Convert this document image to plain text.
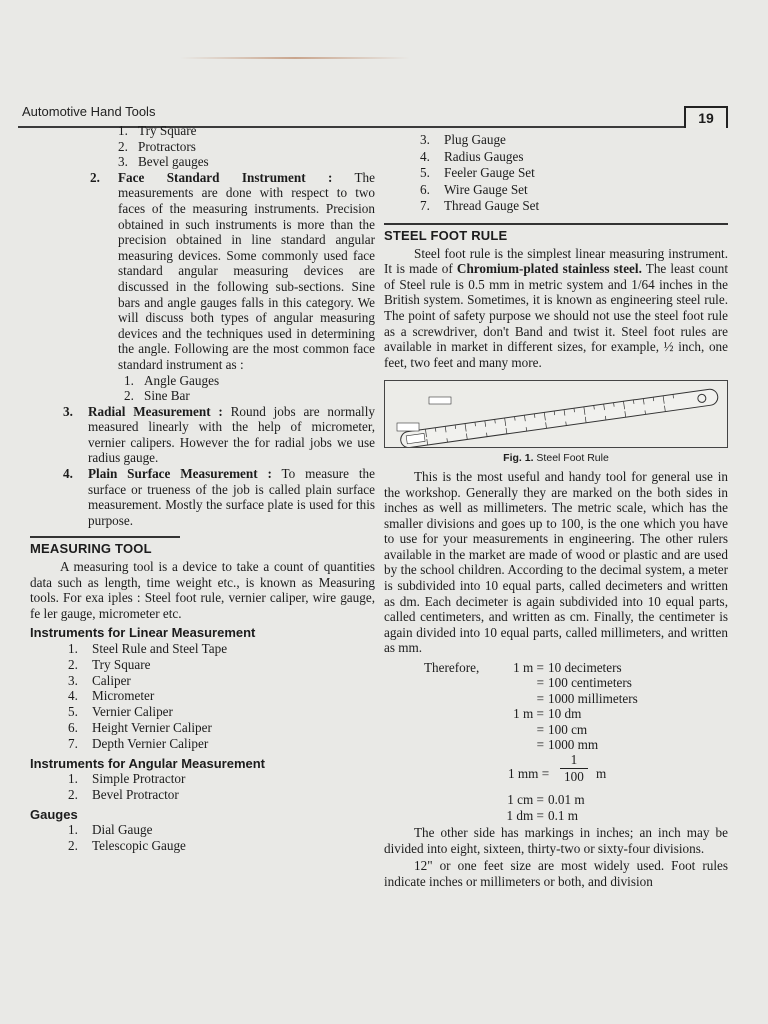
Automotive Hand Tools	19
1. Try Square
2. Protractors
3. Bevel gauges

2. Face Standard Instrument : The measurements are done with respect to two faces of the measuring instruments. Precision obtained in such instruments is more than the precision obtained in line standard angular measuring devices. Some commonly used face standard angular measuring devices are discussed in the following sub-sections. Sine bars and angle gauges falls in this category. We will discuss both types of angular measuring devices and the techniques used in determining the angle. Following are the most common face standard instrument as :

1. Angle Gauges
2. Sine Bar

3. Radial Measurement : Round jobs are normally measured linearly with the help of micrometer, vernier calipers. However the for radial jobs we use radius gauge.

4. Plain Surface Measurement : To measure the surface or trueness of the job is called plain surface measurement. Mostly the surface plate is used for this purpose.

MEASURING TOOL

A measuring tool is a device to take a count of quantities data such as length, time weight etc., is known as Measuring tools. For exa iples : Steel foot rule, vernier caliper, wire gauge, fe ler gauge, micrometer etc.

Instruments for Linear Measurement
1. Steel Rule and Steel Tape
2. Try Square
3. Caliper
4. Micrometer
5. Vernier Caliper
6. Height Vernier Caliper
7. Depth Vernier Caliper
Instruments for Angular Measurement
1. Simple Protractor
2. Bevel Protractor
Gauges
1. Dial Gauge
2. Telescopic Gauge
3. Plug Gauge
4. Radius Gauges
5. Feeler Gauge Set
6. Wire Gauge Set
7. Thread Gauge Set
STEEL FOOT RULE

Steel foot rule is the simplest linear measuring instrument. It is made of Chromium-plated stainless steel. The least count of Steel rule is 0.5 mm in metric system and 1/64 inches in the British system. Sometimes, it is known as engineering steel rule. The point of safety purpose we should not use the steel foot rule as a screwdriver, don't Band and twist it. Steel foot rules are available in market in different sizes, for example, ½ inch, one feet, two feet and many more.

Fig. 1. Steel Foot Rule

This is the most useful and handy tool for general use in the workshop. Generally they are marked on the both sides in inches as well as millimeters. The metric scale, which has the smaller divisions and goes up to 100, is the one which you have to use for your measurements in engineering. The other rulers available in the market are made of wood or plastic and are used by the school children. According to the decimal system, a meter is subdivided into 10 equal parts, called decimeters and written as dm. Each decimeter is again subdivided into 10 equal parts, called centimeters, and written as cm. Finally, the centimeter is again divided into 10 equal parts, called millimeters, and written as mm.

Therefore,	1 m = 10 decimeters
= 100 centimeters
= 1000 millimeters
1 m = 10 dm
= 100 cm
= 1000 mm
1 mm = $\frac{1}{100}$ m
1 cm = 0.01 m
1 dm = 0.1 m

The other side has markings in inches; an inch may be divided into eight, sixteen, thirty-two or sixty-four divisions.

12" or one feet size are most widely used. Foot rules indicate inches or millimeters or both, and division
